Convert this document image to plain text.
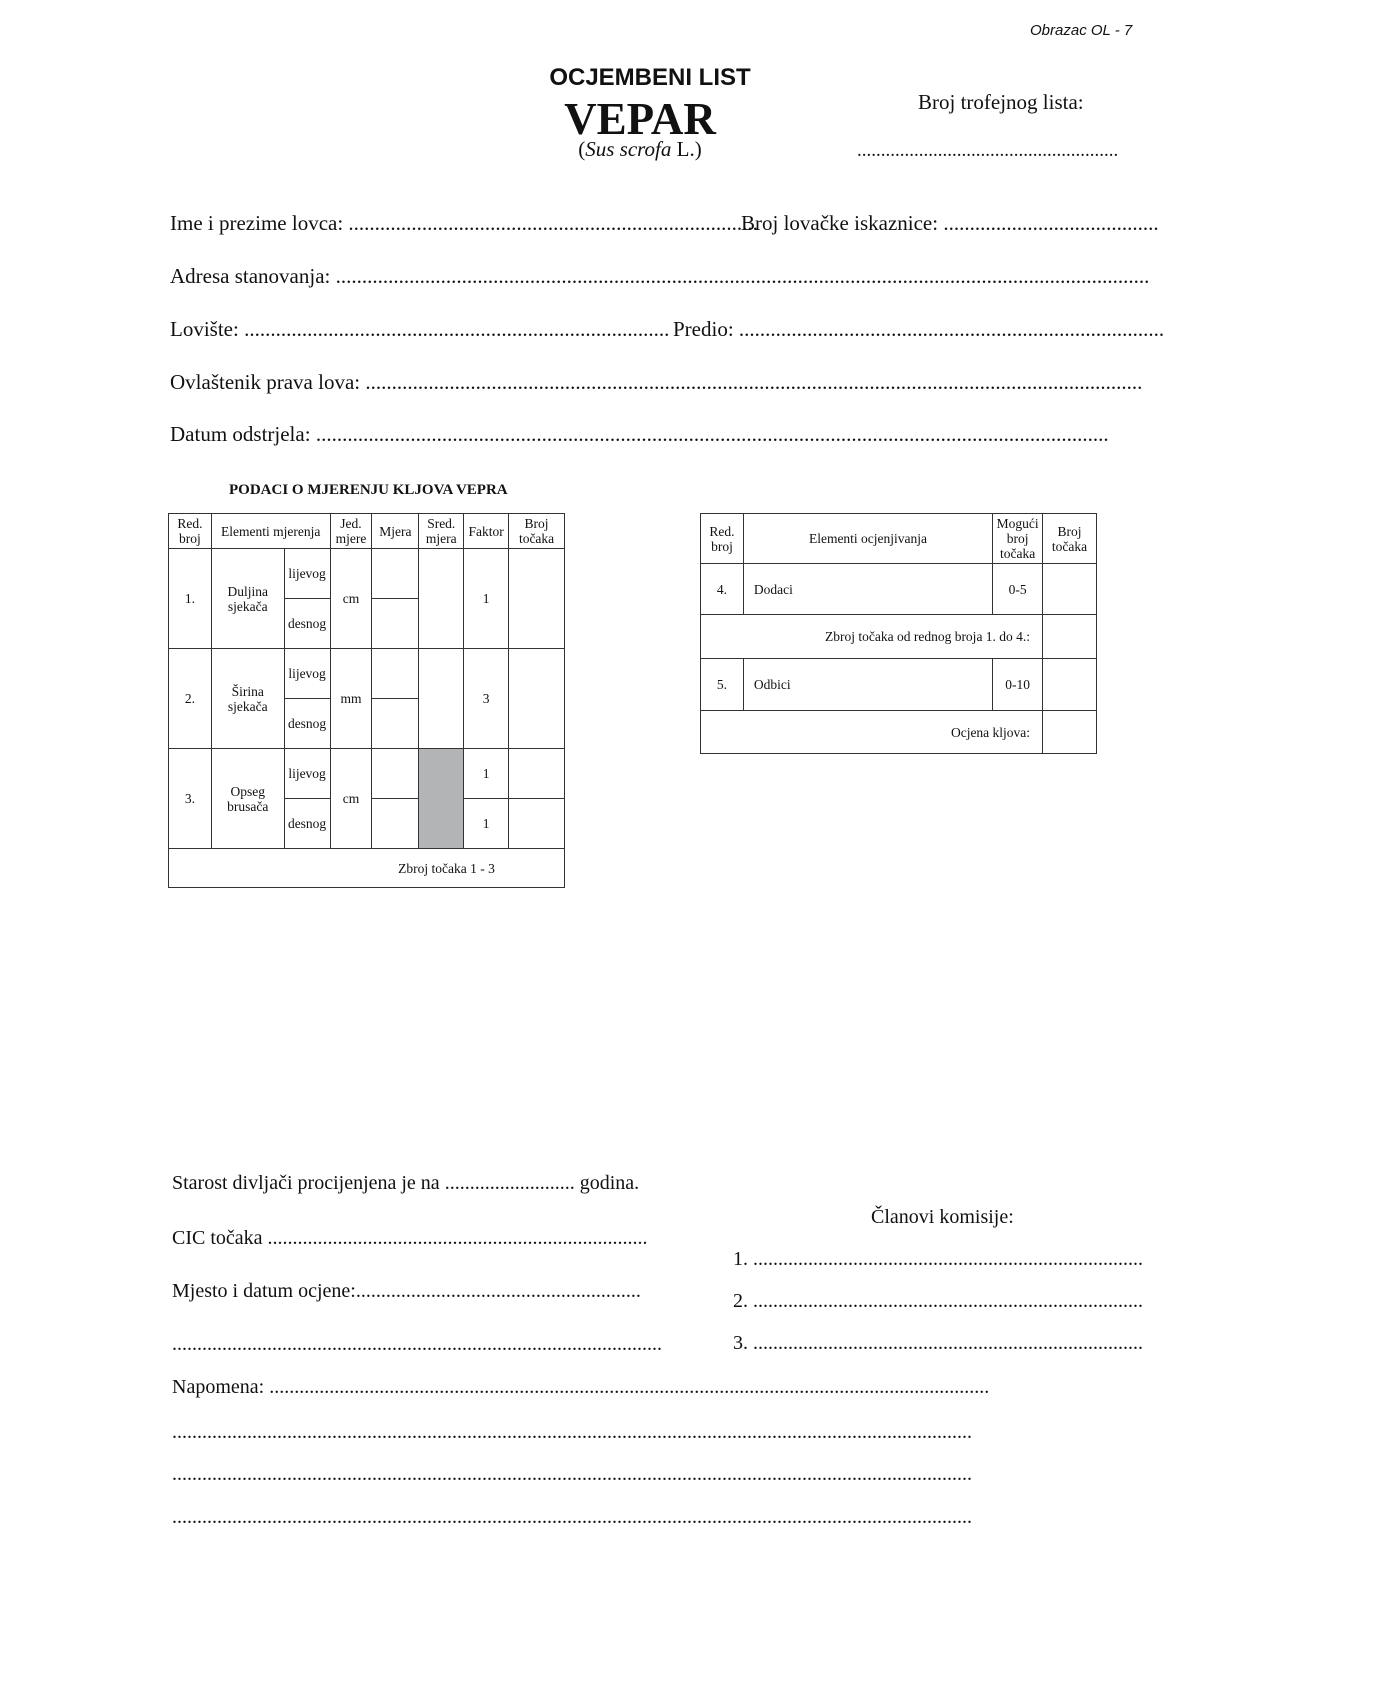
Obrazac OL - 7
OCJEMBENI LIST
VEPAR
(Sus scrofa L.)
Broj trofejnog lista:
.......................................................
Ime i prezime lovca: ..............................................................................
Broj lovačke iskaznice: .........................................
Adresa stanovanja: ...........................................................................................................................................................
Lovište: ................................................................................. Predio: .................................................................................
Ovlaštenik prava lova: ....................................................................................................................................................
Datum odstrjela: .......................................................................................................................................................
PODACI O MJERENJU KLJOVA VEPRA
Red. broj	Elementi mjerenja		Jed. mjere	Mjera	Sred. mjera	Faktor	Broj točaka
1.	Duljina sjekača	lijevog	cm			1	
		desnog					
2.	Širina sjekača	lijevog	mm			3	
		desnog					
3.	Opseg brusača	lijevog	cm			1	
		desnog				1	
Zbroj točaka 1 - 3							
Red. broj	Elementi ocjenjivanja	Mogući broj točaka	Broj točaka
4.	Dodaci	0-5	
Zbroj točaka od rednog broja 1. do 4.:			
5.	Odbici	0-10	
Ocjena kljova:			
Starost divljači procijenjena je na .......................... godina.
Članovi komisije:
CIC točaka ............................................................................
1. ..............................................................................
Mjesto i datum ocjene:.........................................................	2. ..............................................................................
..................................................................................................	3. ..............................................................................
Napomena: ................................................................................................................................................
................................................................................................................................................................
................................................................................................................................................................
................................................................................................................................................................
